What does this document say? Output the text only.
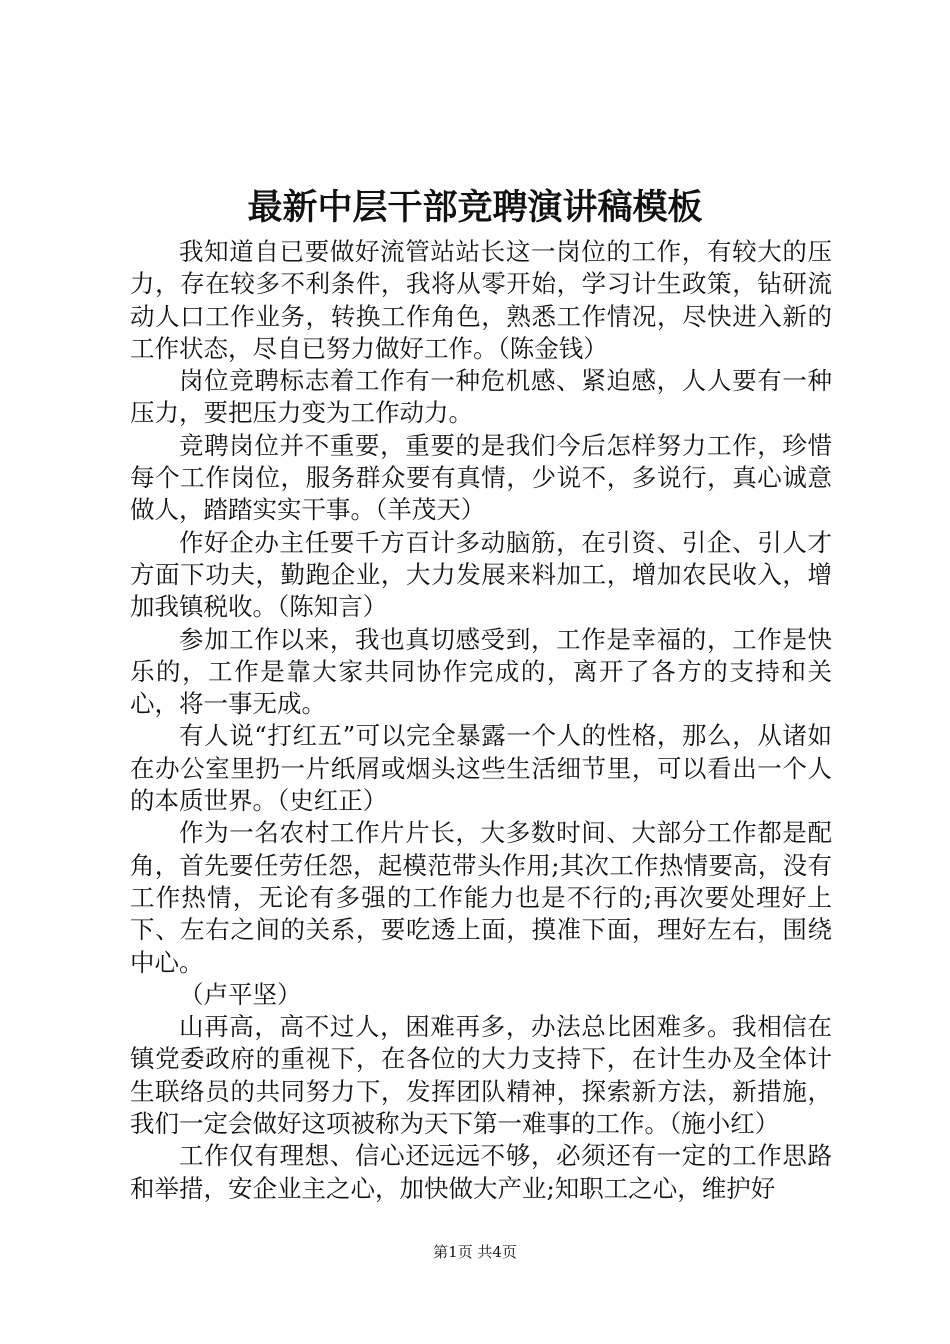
最新中层干部竞聘演讲稿模板

我知道自已要做好流管站站长这一岗位的工作，有较大的压力，存在较多不利条件，我将从零开始，学习计生政策，钻研流动人口工作业务，转换工作角色，熟悉工作情况，尽快进入新的工作状态，尽自已努力做好工作。（陈金钱）

岗位竞聘标志着工作有一种危机感、紧迫感，人人要有一种压力，要把压力变为工作动力。

竞聘岗位并不重要，重要的是我们今后怎样努力工作，珍惜每个工作岗位，服务群众要有真情，少说不，多说行，真心诚意做人，踏踏实实干事。（羊茂天）

作好企办主任要千方百计多动脑筋，在引资、引企、引人才方面下功夫，勤跑企业，大力发展来料加工，增加农民收入，增加我镇税收。（陈知言）

参加工作以来，我也真切感受到，工作是幸福的，工作是快乐的，工作是靠大家共同协作完成的，离开了各方的支持和关心，将一事无成。

有人说“打红五”可以完全暴露一个人的性格，那么，从诸如在办公室里扔一片纸屑或烟头这些生活细节里，可以看出一个人的本质世界。（史红正）

作为一名农村工作片片长，大多数时间、大部分工作都是配角，首先要任劳任怨，起模范带头作用;其次工作热情要高，没有工作热情，无论有多强的工作能力也是不行的;再次要处理好上下、左右之间的关系，要吃透上面，摸准下面，理好左右，围绕中心。

（卢平坚）

山再高，高不过人，困难再多，办法总比困难多。我相信在镇党委政府的重视下，在各位的大力支持下，在计生办及全体计生联络员的共同努力下，发挥团队精神，探索新方法，新措施，我们一定会做好这项被称为天下第一难事的工作。（施小红）

工作仅有理想、信心还远远不够，必须还有一定的工作思路和举措，安企业主之心，加快做大产业;知职工之心，维护好

第1页 共4页
